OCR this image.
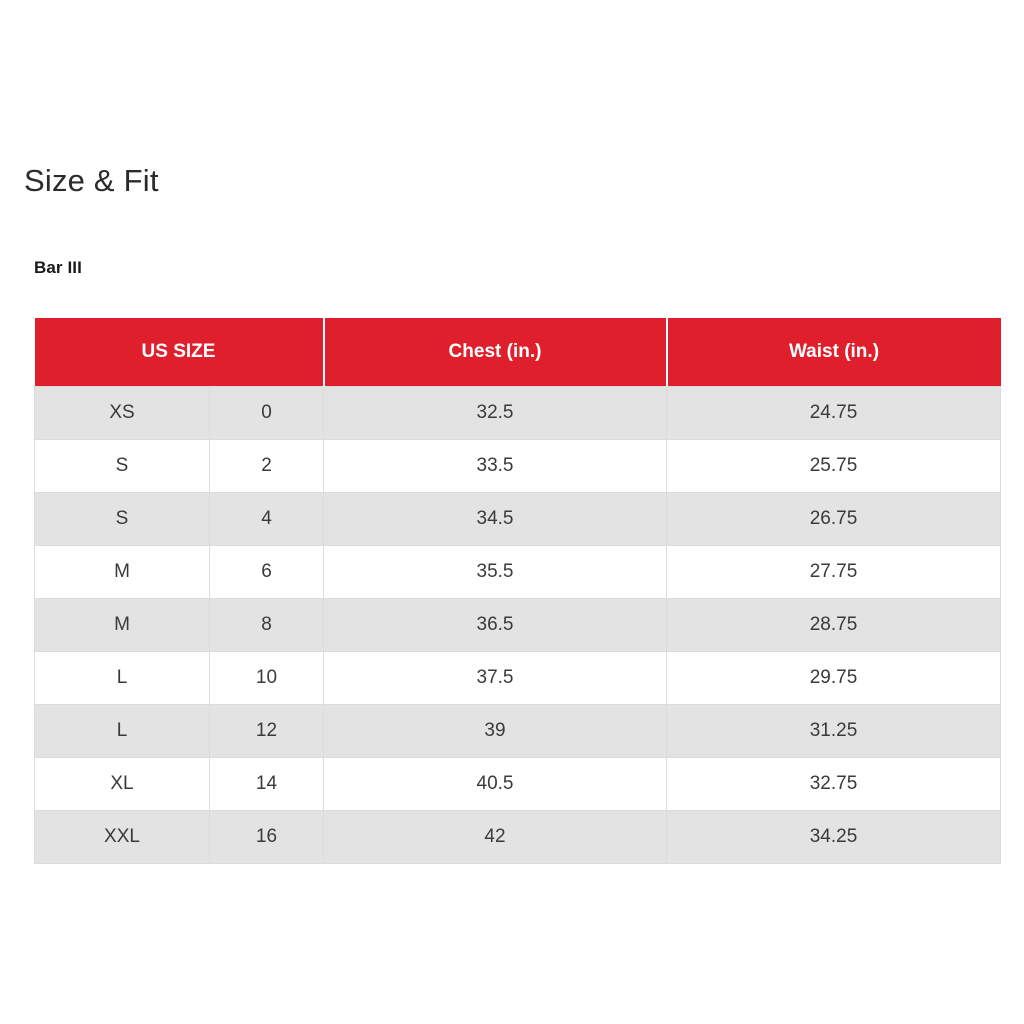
Size & Fit
Bar III
US SIZE		Chest (in.)	Waist (in.)
XS	0	32.5	24.75
S	2	33.5	25.75
S	4	34.5	26.75
M	6	35.5	27.75
M	8	36.5	28.75
L	10	37.5	29.75
L	12	39	31.25
XL	14	40.5	32.75
XXL	16	42	34.25
